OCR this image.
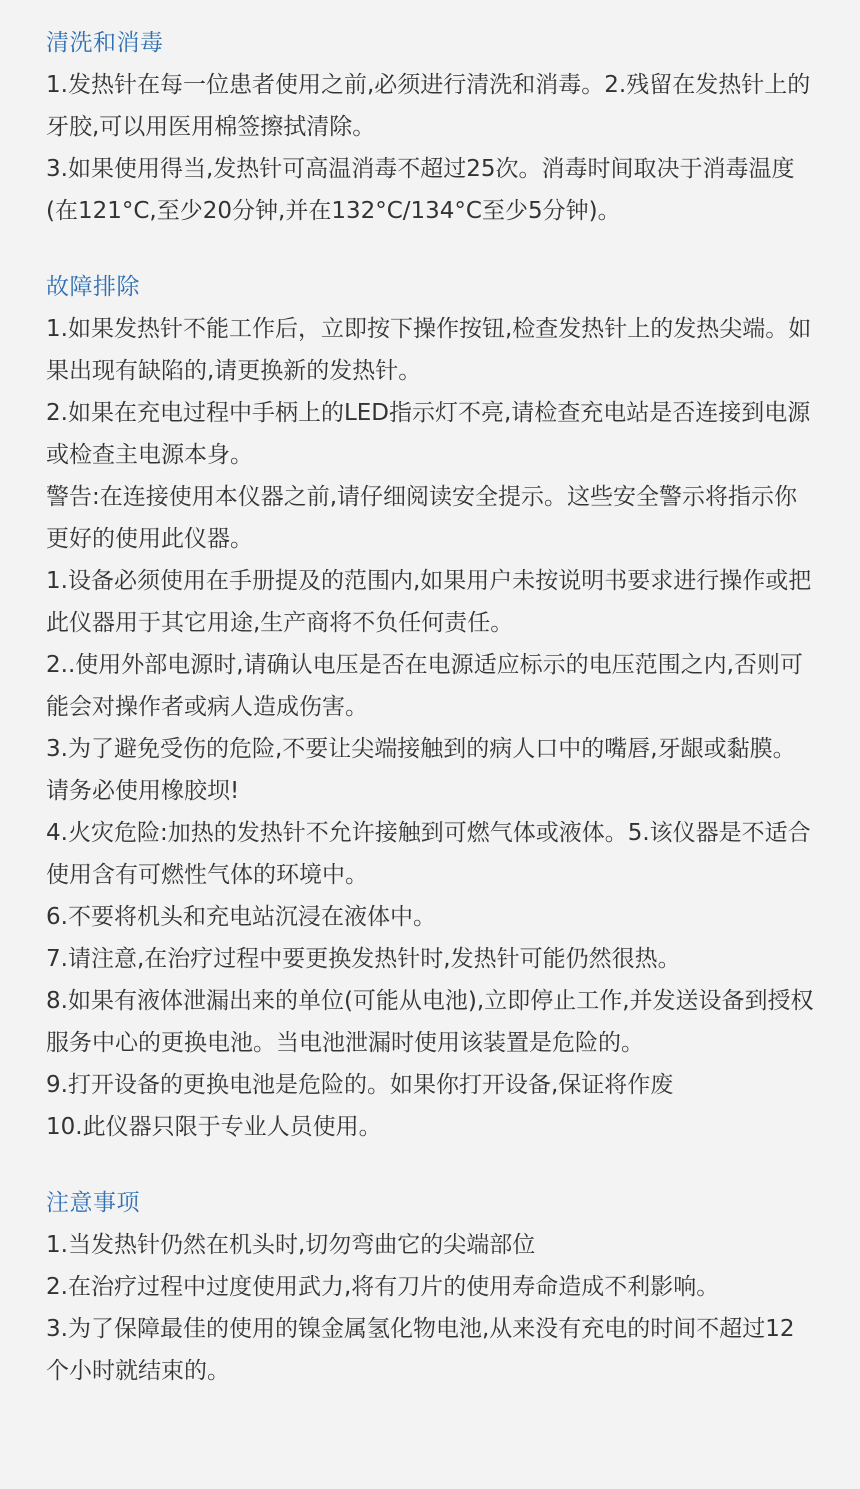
清洗和消毒

1.发热针在每一位患者使用之前,必须进行清洗和消毒。2.残留在发热针上的牙胶,可以用医用棉签擦拭清除。

3.如果使用得当,发热针可高温消毒不超过25次。消毒时间取决于消毒温度(在121°C,至少20分钟,并在132°C/134°C至少5分钟)。

故障排除

1.如果发热针不能工作后，立即按下操作按钮,检查发热针上的发热尖端。如果出现有缺陷的,请更换新的发热针。

2.如果在充电过程中手柄上的LED指示灯不亮,请检查充电站是否连接到电源或检查主电源本身。

警告:在连接使用本仪器之前,请仔细阅读安全提示。这些安全警示将指示你更好的使用此仪器。

1.设备必须使用在手册提及的范围内,如果用户未按说明书要求进行操作或把此仪器用于其它用途,生产商将不负任何责任。

2..使用外部电源时,请确认电压是否在电源适应标示的电压范围之内,否则可能会对操作者或病人造成伤害。

3.为了避免受伤的危险,不要让尖端接触到的病人口中的嘴唇,牙龈或黏膜。请务必使用橡胶坝!

4.火灾危险:加热的发热针不允许接触到可燃气体或液体。5.该仪器是不适合使用含有可燃性气体的环境中。

6.不要将机头和充电站沉浸在液体中。

7.请注意,在治疗过程中要更换发热针时,发热针可能仍然很热。

8.如果有液体泄漏出来的单位(可能从电池),立即停止工作,并发送设备到授权服务中心的更换电池。当电池泄漏时使用该装置是危险的。

9.打开设备的更换电池是危险的。如果你打开设备,保证将作废

10.此仪器只限于专业人员使用。

注意事项

1.当发热针仍然在机头时,切勿弯曲它的尖端部位

2.在治疗过程中过度使用武力,将有刀片的使用寿命造成不利影响。

3.为了保障最佳的使用的镍金属氢化物电池,从来没有充电的时间不超过12个小时就结束的。
